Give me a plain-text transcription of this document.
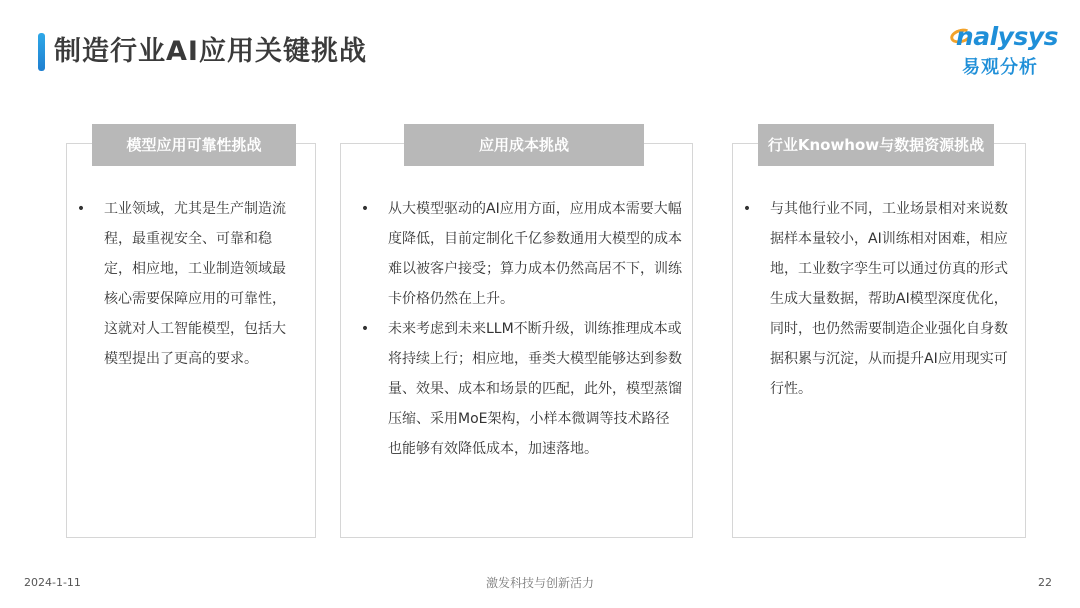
制造行业AI应用关键挑战	nalysys
易观分析
模型应用可靠性挑战	应用成本挑战	行业Knowhow与数据资源挑战
• 工业领域，尤其是生产制造流程，最重视安全、可靠和稳定，相应地，工业制造领域最核心需要保障应用的可靠性，这就对人工智能模型，包括大模型提出了更高的要求。
• 从大模型驱动的AI应用方面，应用成本需要大幅度降低，目前定制化千亿参数通用大模型的成本难以被客户接受；算力成本仍然高居不下，训练卡价格仍然在上升。
• 未来考虑到未来LLM不断升级，训练推理成本或将持续上行；相应地，垂类大模型能够达到参数量、效果、成本和场景的匹配，此外，模型蒸馏压缩、采用MoE架构，小样本微调等技术路径也能够有效降低成本，加速落地。
• 与其他行业不同，工业场景相对来说数据样本量较小，AI训练相对困难，相应地，工业数字孪生可以通过仿真的形式生成大量数据，帮助AI模型深度优化，同时，也仍然需要制造企业强化自身数据积累与沉淀，从而提升AI应用现实可行性。
2024-1-11	激发科技与创新活力	22
